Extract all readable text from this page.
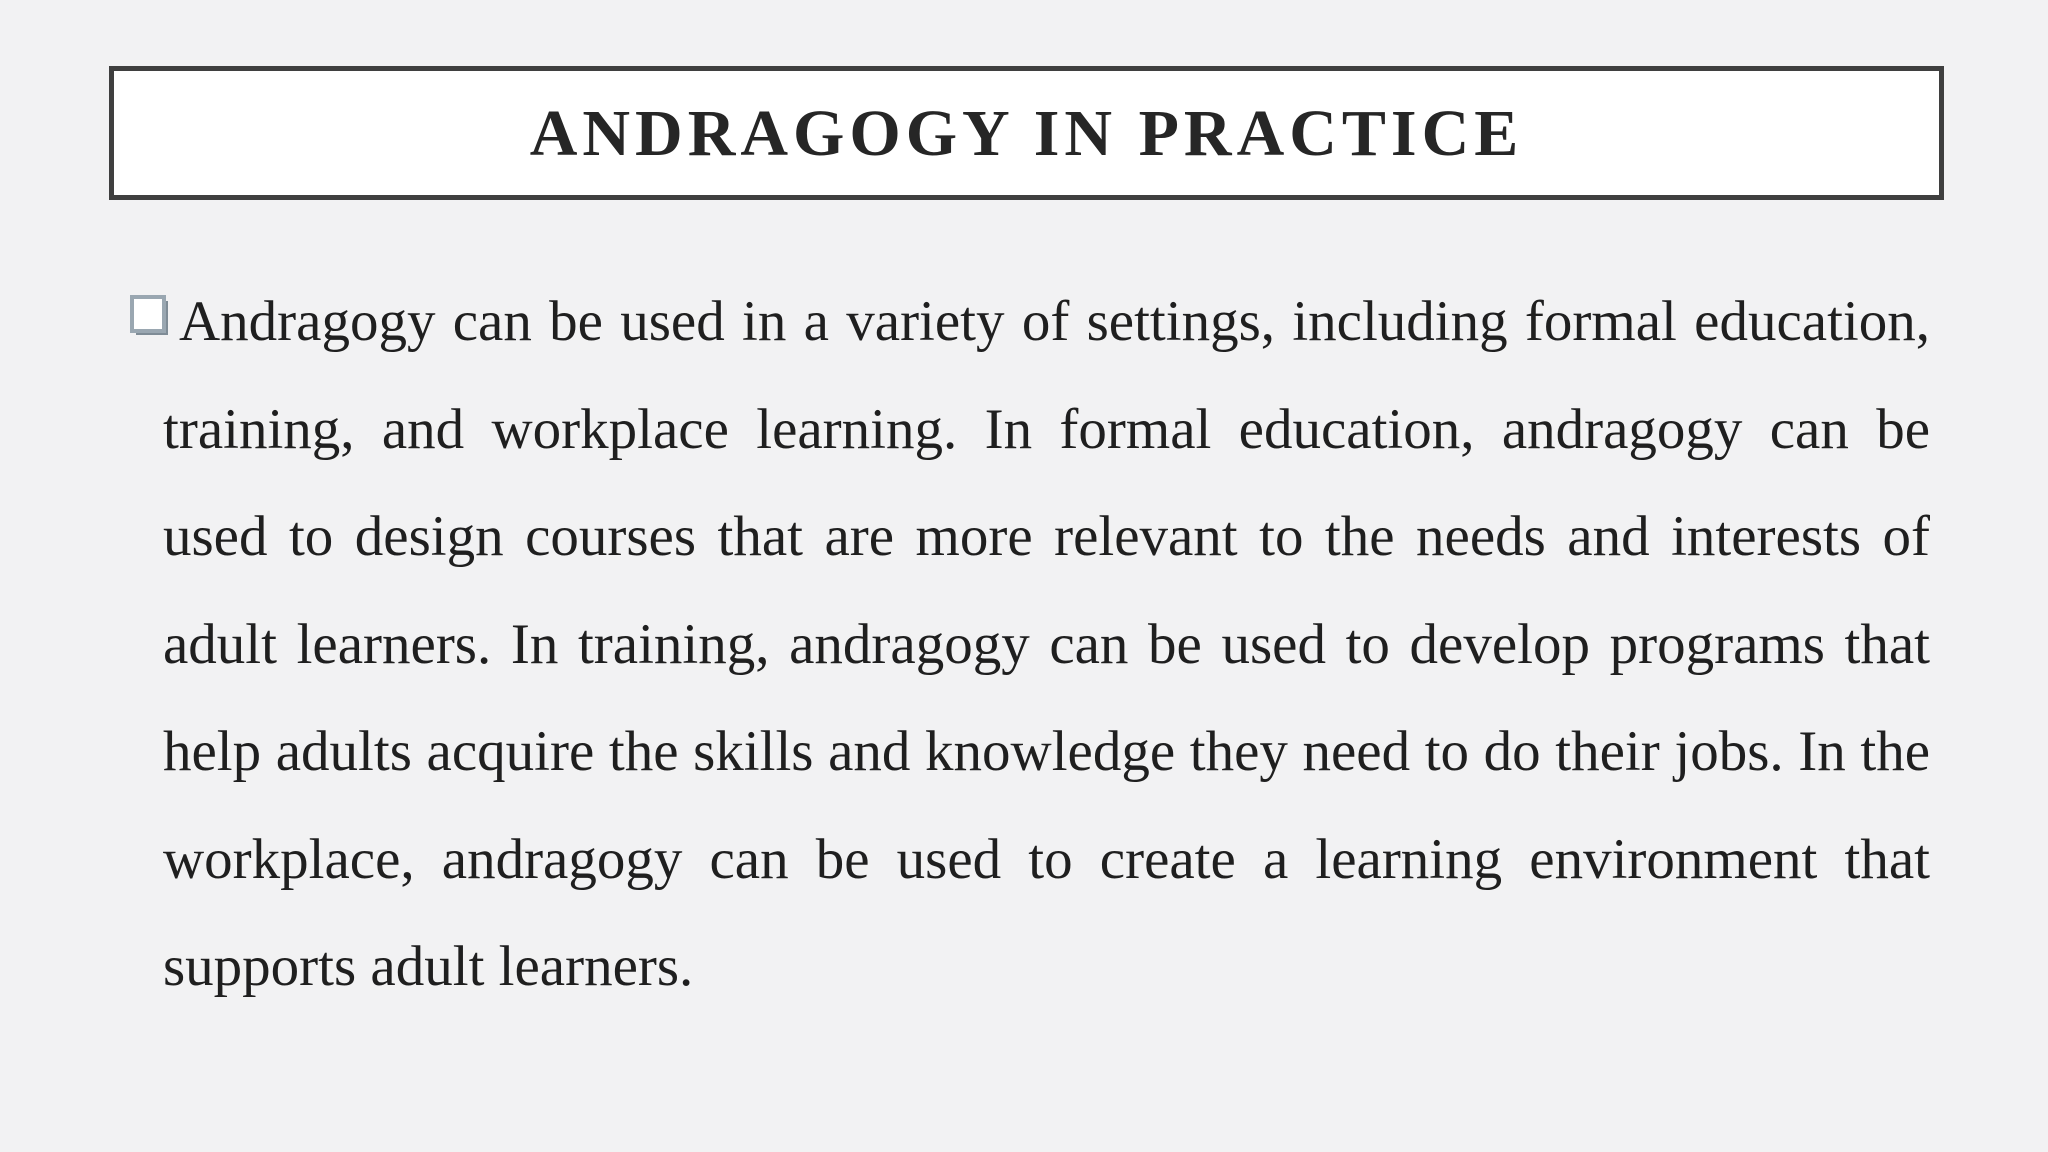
ANDRAGOGY IN PRACTICE
Andragogy can be used in a variety of settings, including formal education, training, and workplace learning. In formal education, andragogy can be used to design courses that are more relevant to the needs and interests of adult learners. In training, andragogy can be used to develop programs that help adults acquire the skills and knowledge they need to do their jobs. In the workplace, andragogy can be used to create a learning environment that supports adult learners.
